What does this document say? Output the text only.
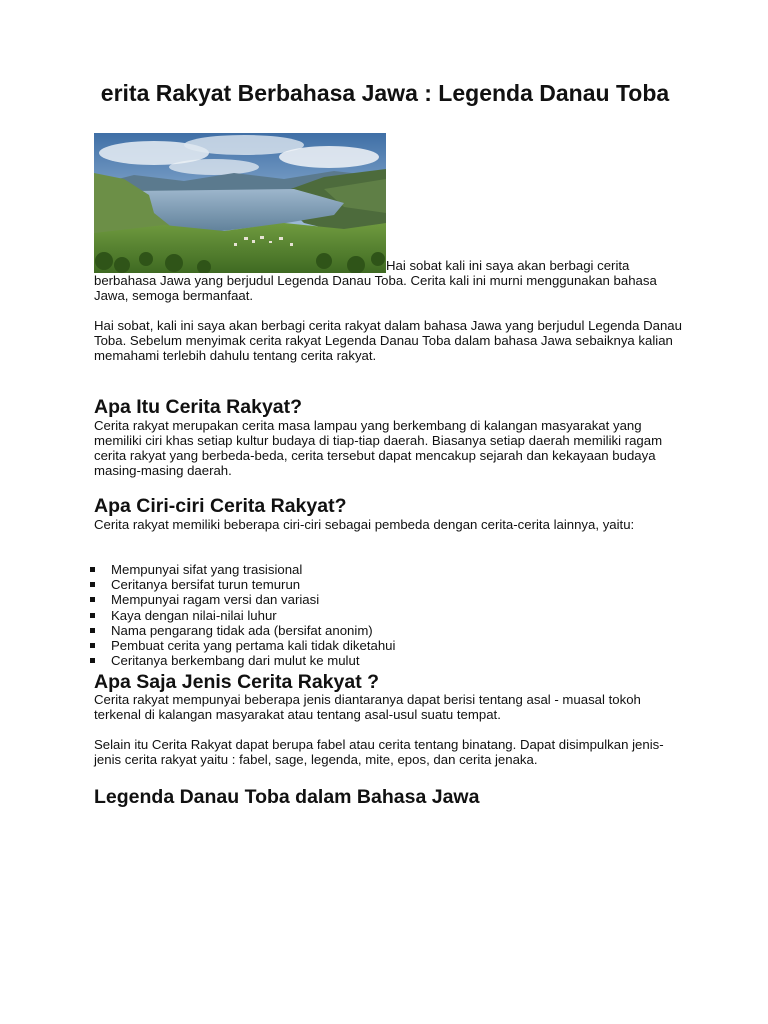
erita Rakyat Berbahasa Jawa : Legenda Danau Toba
Hai sobat kali ini saya akan berbagi cerita

berbahasa Jawa yang berjudul Legenda Danau Toba. Cerita kali ini murni menggunakan bahasa Jawa, semoga bermanfaat.

Hai sobat, kali ini saya akan berbagi cerita rakyat dalam bahasa Jawa yang berjudul Legenda Danau Toba. Sebelum menyimak cerita rakyat Legenda Danau Toba dalam bahasa Jawa sebaiknya kalian memahami terlebih dahulu tentang cerita rakyat.

Apa Itu Cerita Rakyat?

Cerita rakyat merupakan cerita masa lampau yang berkembang di kalangan masyarakat yang memiliki ciri khas setiap kultur budaya di tiap-tiap daerah. Biasanya setiap daerah memiliki ragam cerita rakyat yang berbeda-beda, cerita tersebut dapat mencakup sejarah dan kekayaan budaya masing-masing daerah.

Apa Ciri-ciri Cerita Rakyat?

Cerita rakyat memiliki beberapa ciri-ciri sebagai pembeda dengan cerita-cerita lainnya, yaitu:

Mempunyai sifat yang trasisional
Ceritanya bersifat turun temurun
Mempunyai ragam versi dan variasi
Kaya dengan nilai-nilai luhur
Nama pengarang tidak ada (bersifat anonim)
Pembuat cerita yang pertama kali tidak diketahui
Ceritanya berkembang dari mulut ke mulut
Apa Saja Jenis Cerita Rakyat ?

Cerita rakyat mempunyai beberapa jenis diantaranya dapat berisi tentang asal - muasal tokoh terkenal di kalangan masyarakat atau tentang asal-usul suatu tempat.

Selain itu Cerita Rakyat dapat berupa fabel atau cerita tentang binatang. Dapat disimpulkan jenis-jenis cerita rakyat yaitu : fabel, sage, legenda, mite, epos, dan cerita jenaka.

Legenda Danau Toba dalam Bahasa Jawa
